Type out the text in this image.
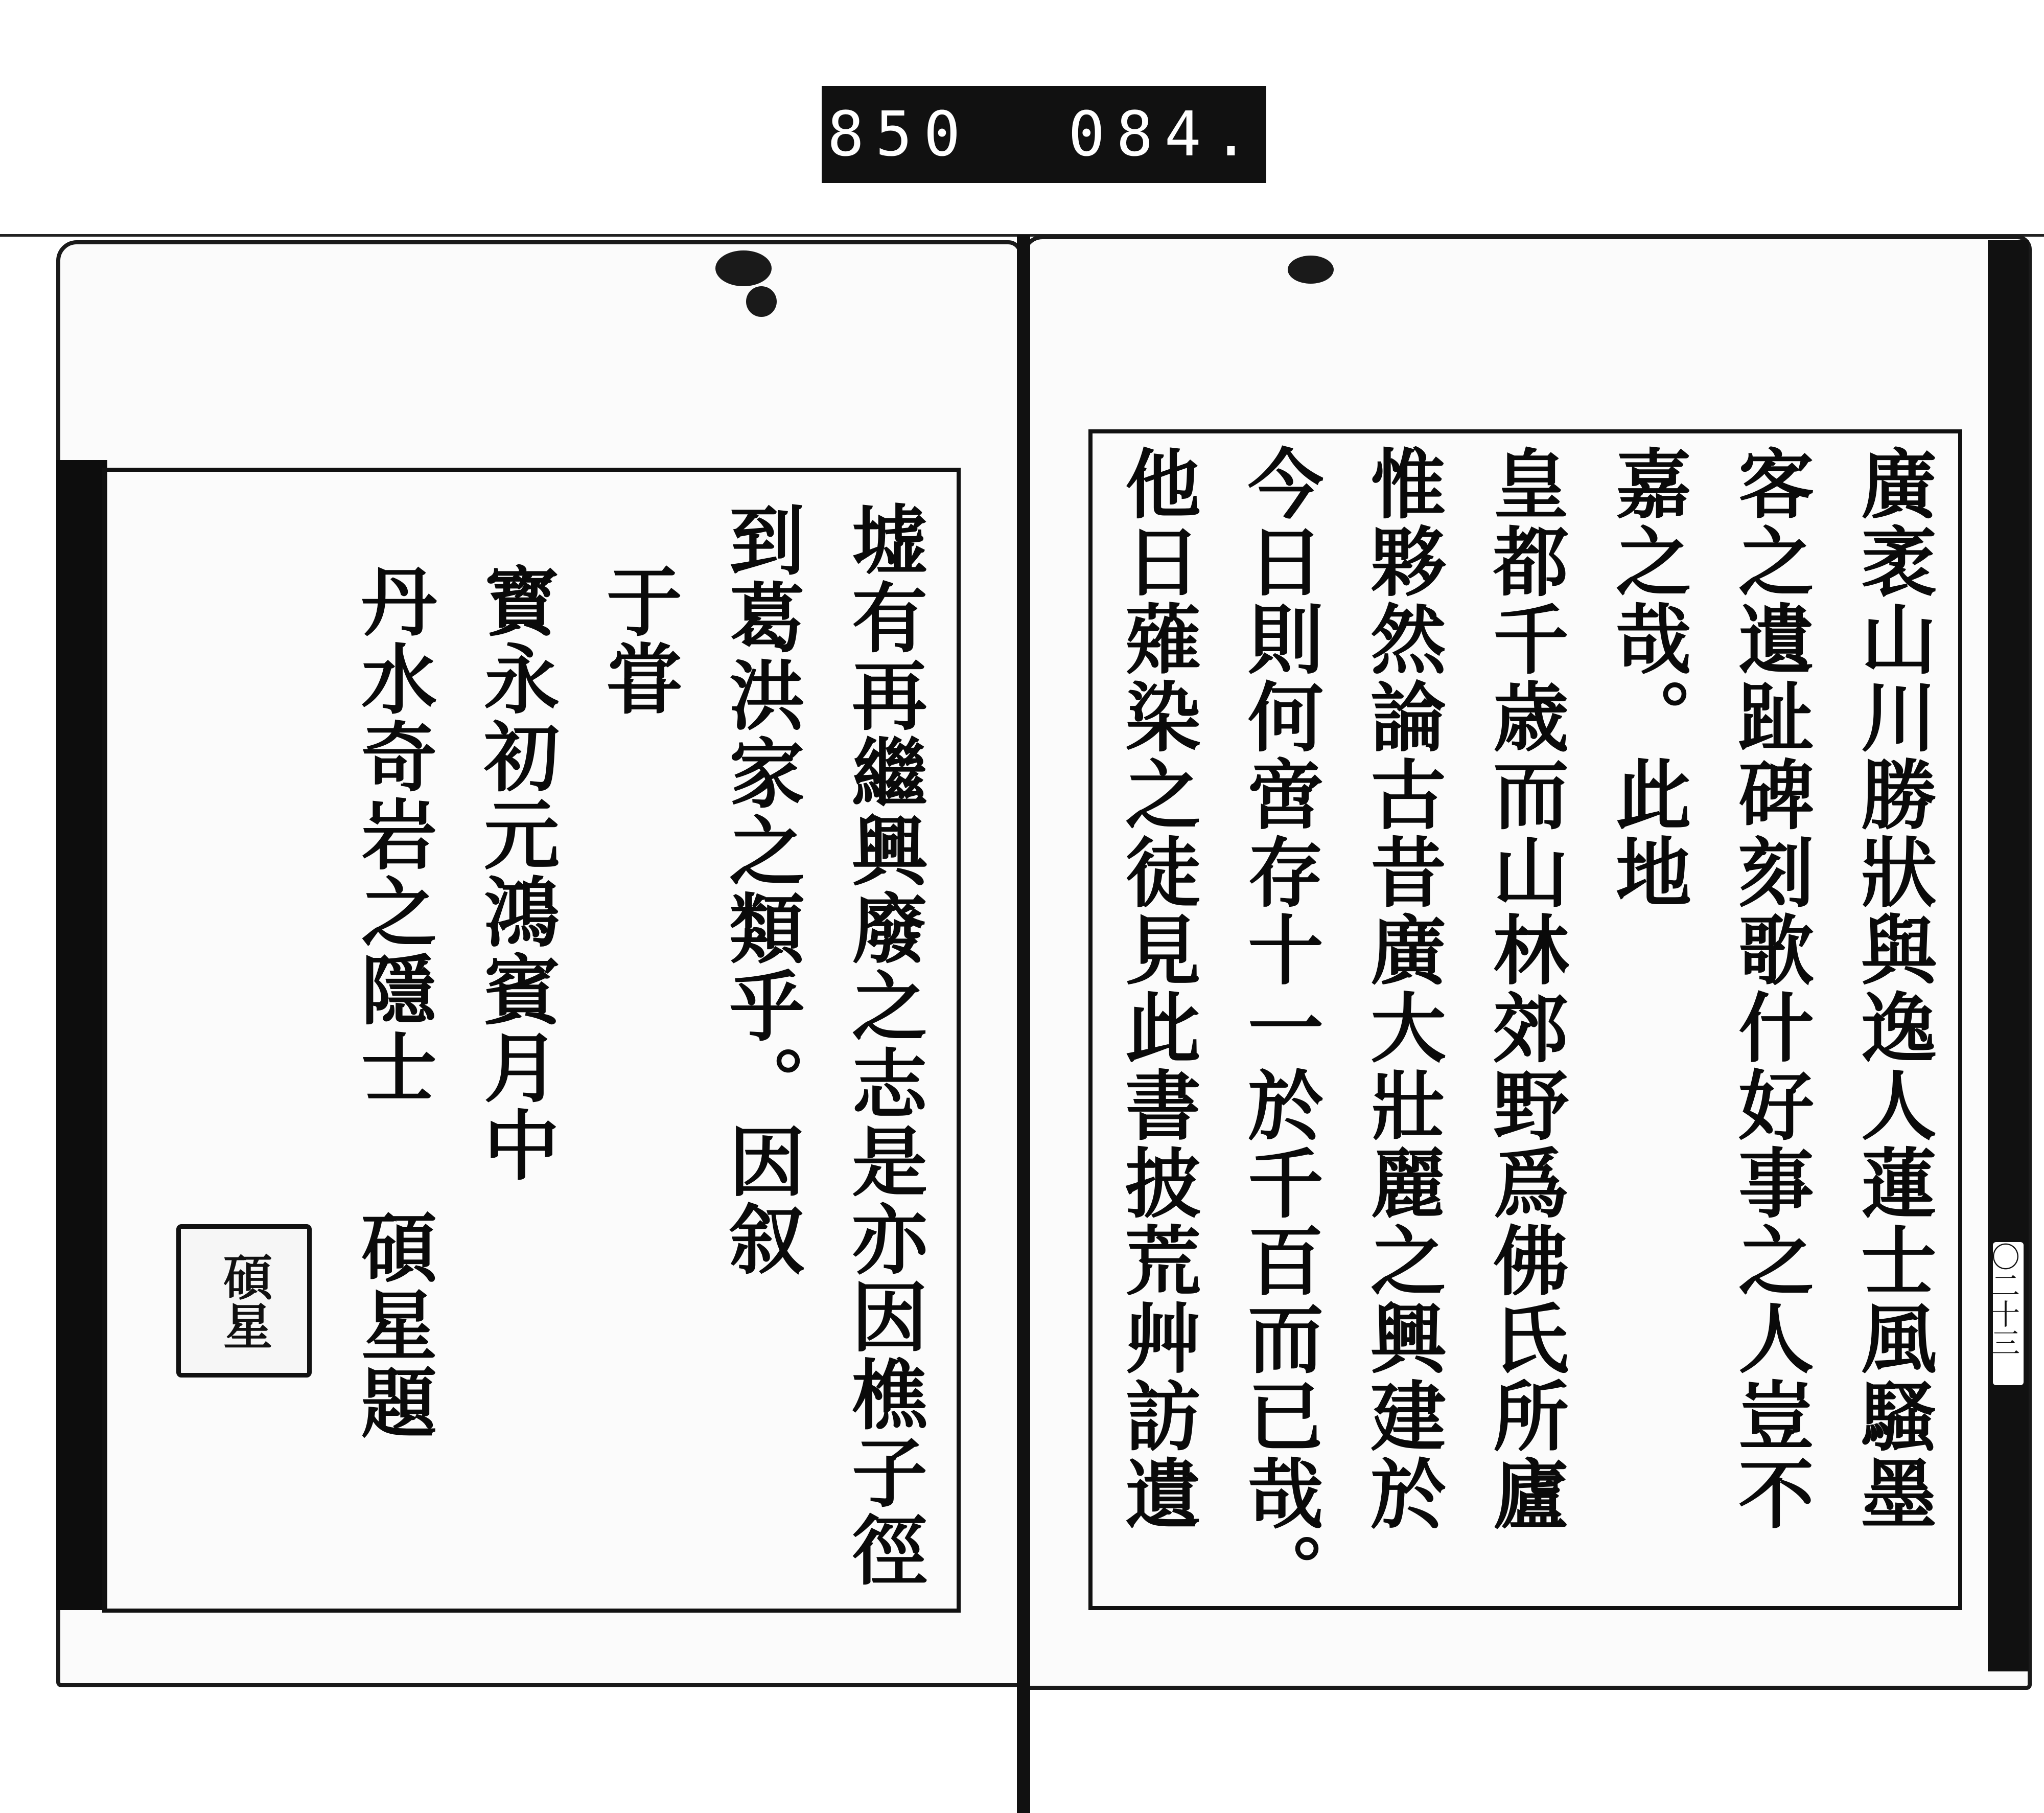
850  084.
廣袤山川勝狀與逸人蓮士風騷墨
客之遺趾碑刻歌什好事之人豈不
嘉之哉。此地
皇都千歳而山林郊野爲佛氏所廬
惟夥然論古昔廣大壯麗之興建於
今日則何啻存十一於千百而已哉。
他日薙染之徒見此書披荒艸訪遺	〇二十三
墟有再繼興廢之志是亦因樵子徑
到葛洪家之類乎。因叙
于甞
寳永初元鴻賓月中
丹水奇岩之隱士碩星題
碩星
